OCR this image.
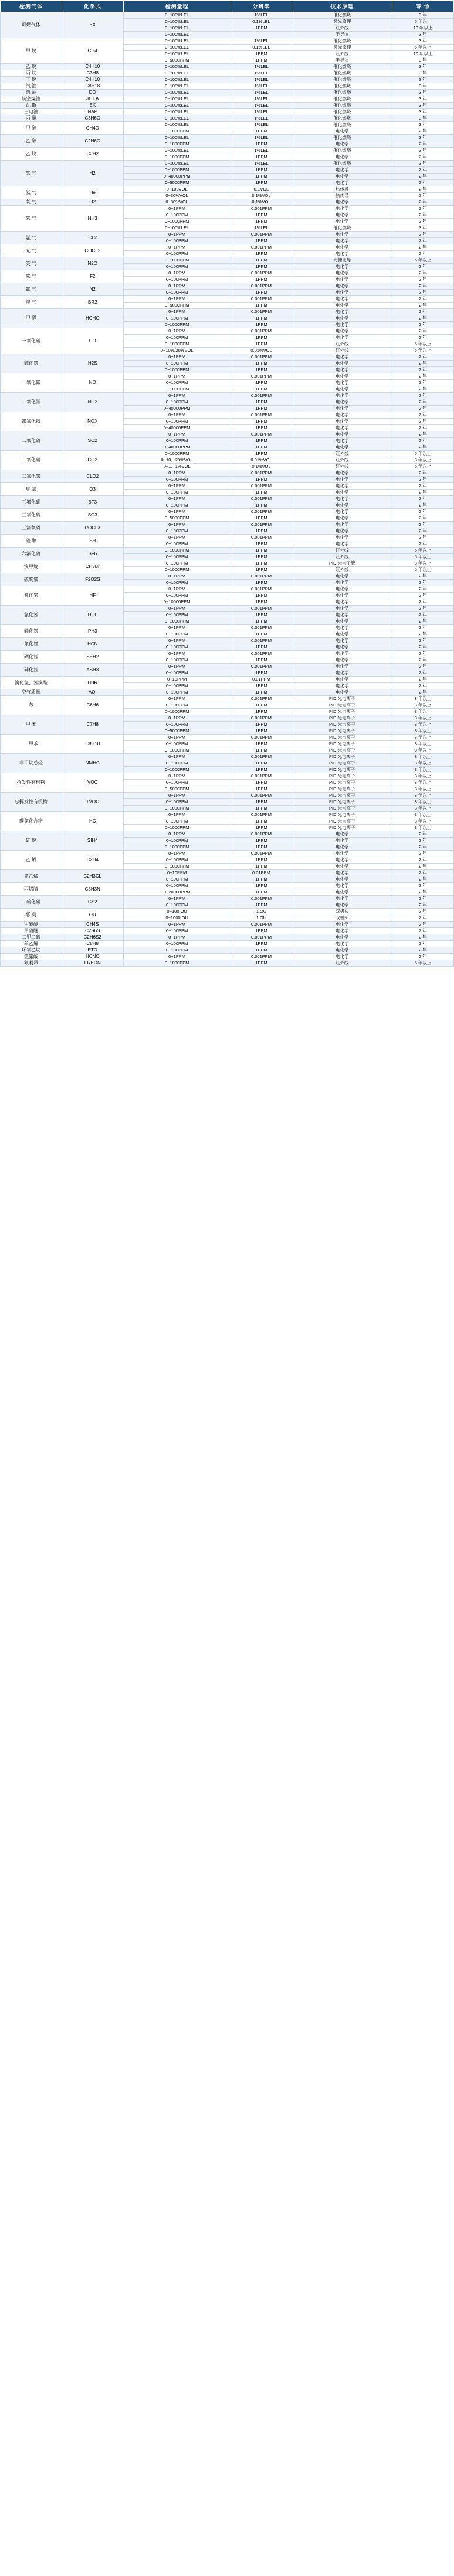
检测气体	化学式	检测量程	分辨率	技术原理	寿 命
可燃气体	EX	0~100%LEL	1%LEL	催化燃烧	3 年
		0~100%LEL	0.1%LEL	激光原理	5 年以上
		0~100%LEL	1PPM	红外线	10 年以上
		0~100%LEL		半导体	3 年
甲 烷	CH4	0~100%LEL	1%LEL	催化燃烧	3 年
		0~100%LEL	0.1%LEL	激光原理	5 年以上
		0~100%LEL	1PPM	红外线	10 年以上
		0~5000PPM	1PPM	半导体	3 年
乙 烷	C4H10	0~100%LEL	1%LEL	催化燃烧	3 年
丙 烷	C3H8	0~100%LEL	1%LEL	催化燃烧	3 年
丁 烷	C4H10	0~100%LEL	1%LEL	催化燃烧	3 年
汽 油	C8H18	0~100%LEL	1%LEL	催化燃烧	3 年
柴 油	DO	0~100%LEL	1%LEL	催化燃烧	3 年
航空煤油	JET A	0~100%LEL	1%LEL	催化燃烧	3 年
瓦 斯	EX	0~100%LEL	1%LEL	催化燃烧	3 年
白电油	NAP	0~100%LEL	1%LEL	催化燃烧	3 年
丙 酮	C3H6O	0~100%LEL	1%LEL	催化燃烧	3 年
甲 醇	CH4O	0~100%LEL	1%LEL	催化燃烧	3 年
		0~1000PPM	1PPM	电化学	2 年
乙 醇	C2H6O	0~100%LEL	1%LEL	催化燃烧	3 年
		0~1000PPM	1PPM	电化学	2 年
乙 炔	C2H2	0~100%LEL	1%LEL	催化燃烧	3 年
		0~1000PPM	1PPM	电化学	2 年
氢 气	H2	0~100%LEL	1%LEL	催化燃烧	3 年
		0~1000PPM	1PPM	电化学	2 年
		0~40000PPM	1PPM	电化学	2 年
		0~5000PPM	1PPM	电化学	2 年
氦 气	He	0~100VOL	0.1VOL	热传导	2 年
		0~30%VOL	0.1%VOL	热传导	2 年
氧 气	O2	0~30%VOL	0.1%VOL	电化学	2 年
氨 气	NH3	0~1PPM	0.001PPM	电化学	2 年
		0~100PPM	1PPM	电化学	2 年
		0~1000PPM	1PPM	电化学	2 年
		0~100%LEL	1%LEL	催化燃烧	3 年
氯 气	CL2	0~1PPM	0.001PPM	电化学	2 年
		0~100PPM	1PPM	电化学	2 年
光 气	COCL2	0~1PPM	0.001PPM	电化学	2 年
		0~100PPM	1PPM	电化学	2 年
笑 气	N2O	0~1000PPM	1PPM	光栅波导	5 年以上
		0~100PPM	1PPM	电化学	2 年
氟 气	F2	0~1PPM	0.001PPM	电化学	2 年
		0~100PPM	1PPM	电化学	2 年
氮 气	N2	0~1PPM	0.001PPM	电化学	2 年
		0~100PPM	1PPM	电化学	2 年
溴 气	BR2	0~1PPM	0.001PPM	电化学	2 年
		0~5000PPM	1PPM	电化学	2 年
甲 醛	HCHO	0~1PPM	0.001PPM	电化学	2 年
		0~100PPM	1PPM	电化学	2 年
		0~1000PPM	1PPM	电化学	2 年
一氧化碳	CO	0~1PPM	0.001PPM	电化学	2 年
		0~100PPM	1PPM	电化学	2 年
		0~1000PPM	1PPM	红外线	5 年以上
		0~10%/20%VOL	0.01%VOL	红外线	5 年以上
硫化氢	H2S	0~1PPM	0.001PPM	电化学	2 年
		0~100PPM	1PPM	电化学	2 年
		0~1000PPM	1PPM	电化学	2 年
一氧化氮	NO	0~1PPM	0.001PPM	电化学	2 年
		0~100PPM	1PPM	电化学	2 年
		0~1000PPM	1PPM	电化学	2 年
二氧化氮	NO2	0~1PPM	0.001PPM	电化学	2 年
		0~100PPM	1PPM	电化学	2 年
		0~40000PPM	1PPM	电化学	2 年
氮氧化物	NOX	0~1PPM	0.001PPM	电化学	2 年
		0~100PPM	1PPM	电化学	2 年
		0~40000PPM	1PPM	电化学	2 年
二氧化硫	SO2	0~1PPM	0.001PPM	电化学	2 年
		0~100PPM	1PPM	电化学	2 年
		0~40000PPM	1PPM	电化学	2 年
二氧化碳	CO2	0~1000PPM	1PPM	红外线	5 年以上
		0~10、20%VOL	0.01%VOL	红外线	8 年以上
		0~1、1%VOL	0.1%VOL	红外线	5 年以上
二氧化氯	CLO2	0~1PPM	0.001PPM	电化学	2 年
		0~100PPM	1PPM	电化学	2 年
臭 氧	O3	0~1PPM	0.001PPM	电化学	2 年
		0~100PPM	1PPM	电化学	2 年
三氟化硼	BF3	0~1PPM	0.001PPM	电化学	2 年
		0~100PPM	1PPM	电化学	2 年
三氧化硫	SO3	0~1PPM	0.001PPM	电化学	2 年
		0~5000PPM	1PPM	电化学	2 年
三氯氧磷	POCL3	0~1PPM	0.001PPM	电化学	2 年
		0~100PPM	1PPM	电化学	2 年
硫 醇	SH	0~1PPM	0.001PPM	电化学	2 年
		0~100PPM	1PPM	电化学	2 年
六氟化硫	SF6	0~1000PPM	1PPM	红外线	5 年以上
		0~100PPM	1PPM	红外线	5 年以上
溴甲烷	CH3Br	0~100PPM	1PPM	PID 光电子管	3 年以上
		0~1000PPM	1PPM	红外线	5 年以上
硫酰氟	F2O2S	0~1PPM	0.001PPM	电化学	2 年
		0~100PPM	1PPM	电化学	2 年
氟化氢	HF	0~1PPM	0.001PPM	电化学	2 年
		0~100PPM	1PPM	电化学	2 年
		0~10000PPM	1PPM	电化学	2 年
氯化氢	HCL	0~1PPM	0.001PPM	电化学	2 年
		0~100PPM	1PPM	电化学	2 年
		0~1000PPM	1PPM	电化学	2 年
磷化氢	PH3	0~1PPM	0.001PPM	电化学	2 年
		0~100PPM	1PPM	电化学	2 年
氰化氢	HCN	0~1PPM	0.001PPM	电化学	2 年
		0~100PPM	1PPM	电化学	2 年
硒化氢	SEH2	0~1PPM	0.001PPM	电化学	2 年
		0~100PPM	1PPM	电化学	2 年
砷化氢	ASH3	0~1PPM	0.001PPM	电化学	2 年
		0~100PPM	1PPM	电化学	2 年
溴化氢、氢溴酸	HBR	0~10PPM	0.01PPM	电化学	2 年
		0~100PPM	1PPM	电化学	2 年
空气质量	AQI	0~100PPM	1PPM	电化学	2 年
苯	C6H6	0~1PPM	0.001PPM	PID 光电离子	3 年以上
		0~100PPM	1PPM	PID 光电离子	3 年以上
		0~1000PPM	1PPM	PID 光电离子	3 年以上
甲 苯	C7H8	0~1PPM	0.001PPM	PID 光电离子	3 年以上
		0~100PPM	1PPM	PID 光电离子	3 年以上
		0~5000PPM	1PPM	PID 光电离子	3 年以上
二甲苯	C8H10	0~1PPM	0.001PPM	PID 光电离子	3 年以上
		0~100PPM	1PPM	PID 光电离子	3 年以上
		0~1000PPM	1PPM	PID 光电离子	3 年以上
非甲烷总烃	NMHC	0~1PPM	0.001PPM	PID 光电离子	3 年以上
		0~100PPM	1PPM	PID 光电离子	3 年以上
		0~1000PPM	1PPM	PID 光电离子	3 年以上
挥发性有机物	VOC	0~1PPM	0.001PPM	PID 光电离子	3 年以上
		0~100PPM	1PPM	PID 光电离子	3 年以上
		0~5000PPM	1PPM	PID 光电离子	3 年以上
总挥发性有机物	TVOC	0~1PPM	0.001PPM	PID 光电离子	3 年以上
		0~100PPM	1PPM	PID 光电离子	3 年以上
		0~1000PPM	1PPM	PID 光电离子	3 年以上
碳氢化合物	HC	0~1PPM	0.001PPM	PID 光电离子	3 年以上
		0~100PPM	1PPM	PID 光电离子	3 年以上
		0~1000PPM	1PPM	PID 光电离子	3 年以上
硅 烷	SIH4	0~1PPM	0.001PPM	电化学	2 年
		0~100PPM	1PPM	电化学	2 年
		0~1000PPM	1PPM	电化学	2 年
乙 烯	C2H4	0~1PPM	0.001PPM	电化学	2 年
		0~100PPM	1PPM	电化学	2 年
		0~1000PPM	1PPM	电化学	2 年
氯乙烯	C2H3CL	0~10PPM	0.01PPM	电化学	2 年
		0~100PPM	1PPM	电化学	2 年
丙烯腈	C3H3N	0~100PPM	1PPM	电化学	2 年
		0~20000PPM	1PPM	电化学	2 年
二硫化碳	CS2	0~1PPM	0.001PPM	电化学	2 年
		0~100PPM	1PPM	电化学	2 年
恶 臭	OU	0~100 OU	1 OU	双极头	2 年
		0~1000 OU	1 OU	双极头	2 年
甲醚醇	CH4S	0~1PPM	0.001PPM	电化学	2 年
甲硫醚	C2S6S	0~100PPM	1PPM	电化学	2 年
二甲二硫	C2H6S2	0~1PPM	0.001PPM	电化学	2 年
苯乙烯	C8H8	0~100PPM	1PPM	电化学	2 年
环氧乙烷	ETO	0~100PPM	1PPM	电化学	2 年
氢氰酸	HCNO	0~1PPM	0.001PPM	电化学	2 年
氟利昂	FREON	0~1000PPM	1PPM	红外线	5 年以上
